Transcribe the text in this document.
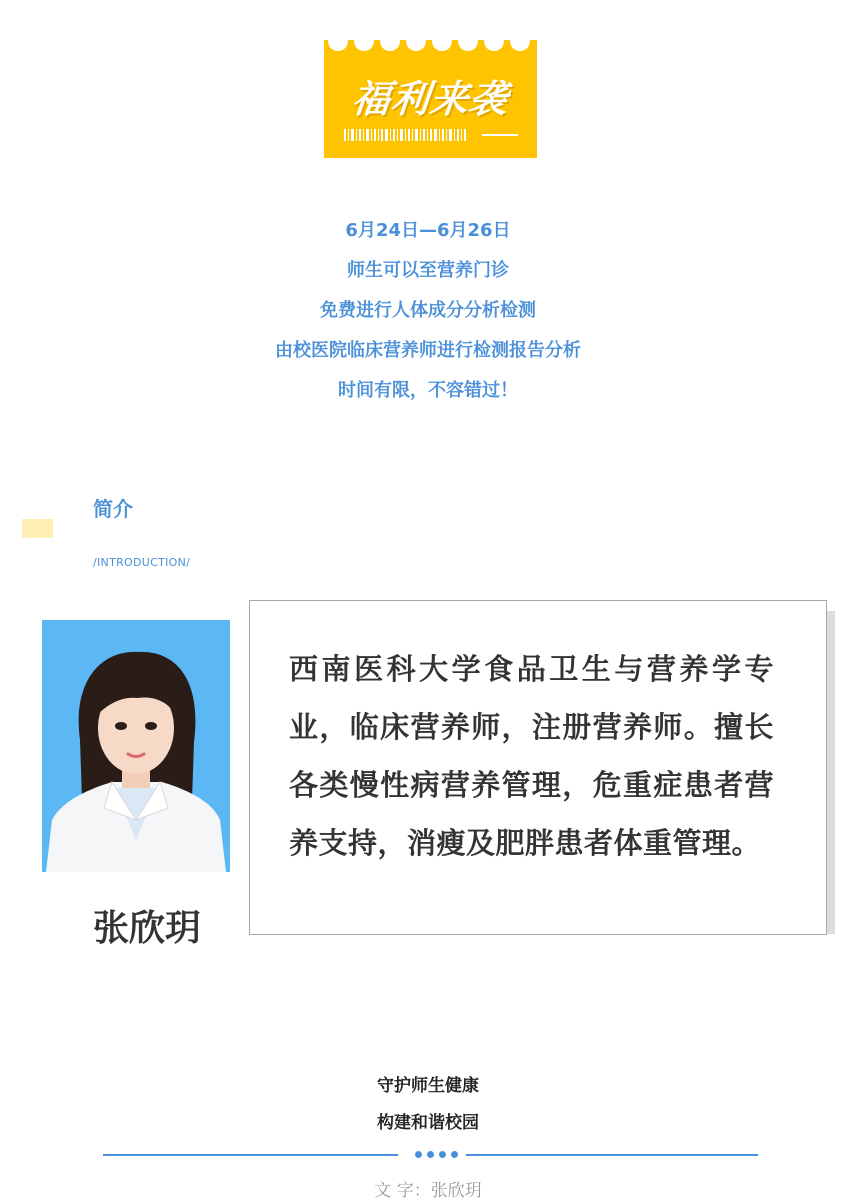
福利来袭
6月24日—6月26日
师生可以至营养门诊
免费进行人体成分分析检测
由校医院临床营养师进行检测报告分析
时间有限，不容错过！
简介
/INTRODUCTION/
张欣玥
西南医科大学食品卫生与营养学专业，临床营养师，注册营养师。擅长各类慢性病营养管理，危重症患者营养支持，消瘦及肥胖患者体重管理。
守护师生健康
构建和谐校园
文 字：张欣玥
